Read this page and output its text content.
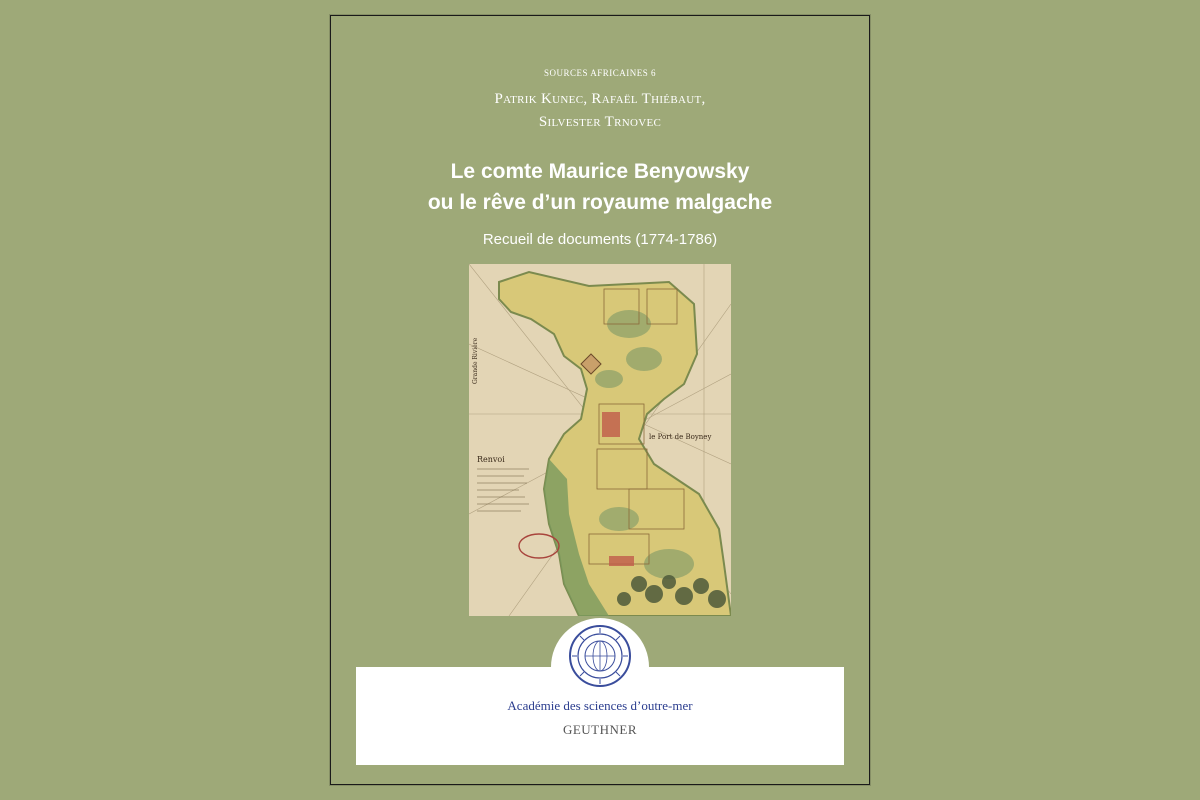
SOURCES AFRICAINES 6
Patrik Kunec, Rafaël Thiébaut,
Silvester Trnovec
Le comte Maurice Benyowsky
ou le rêve d’un royaume malgache
Recueil de documents (1774-1786)
le Port de Boyney
Grande Rivière
Renvoi
Académie des sciences d’outre-mer
GEUTHNER
